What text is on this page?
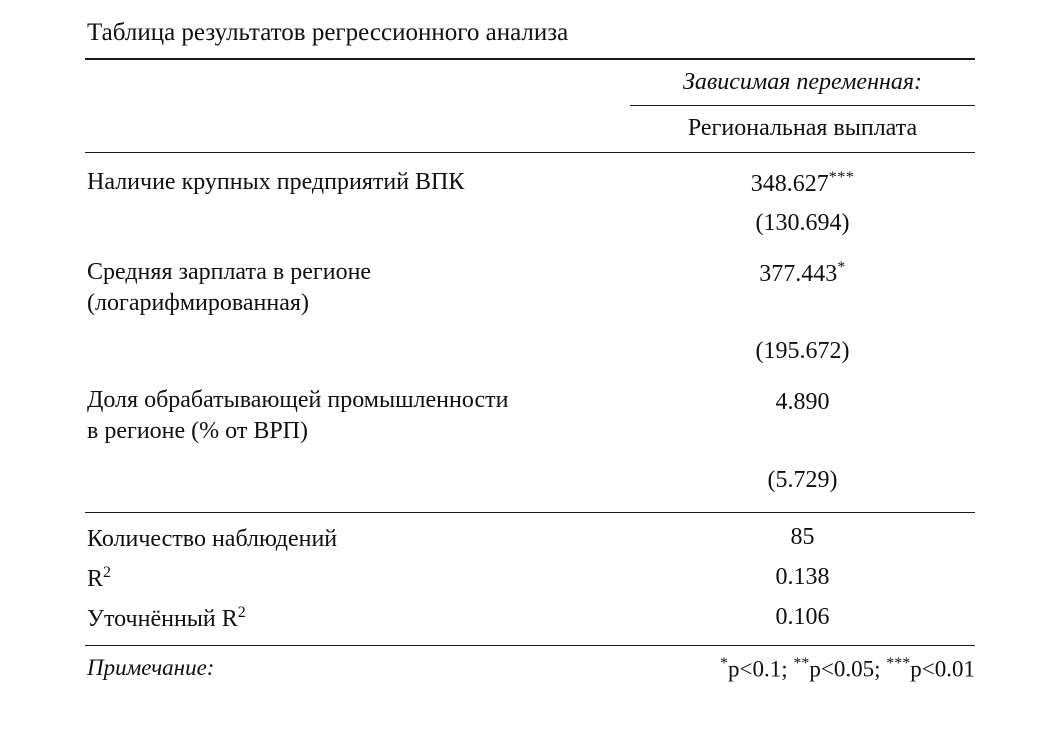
Таблица результатов регрессионного анализа

	Зависимая переменная:
	Региональная выплата

Наличие крупных предприятий ВПК	348.627***
	(130.694)
Средняя зарплата в регионе
(логарифмированная)	377.443*
	(195.672)
Доля обрабатывающей промышленности
в регионе (% от ВРП)	4.890
	(5.729)

Количество наблюдений	85
$R^2$	0.138
Уточнённый $R^2$	0.106

Примечание:	*p<0.1; **p<0.05; ***p<0.01
